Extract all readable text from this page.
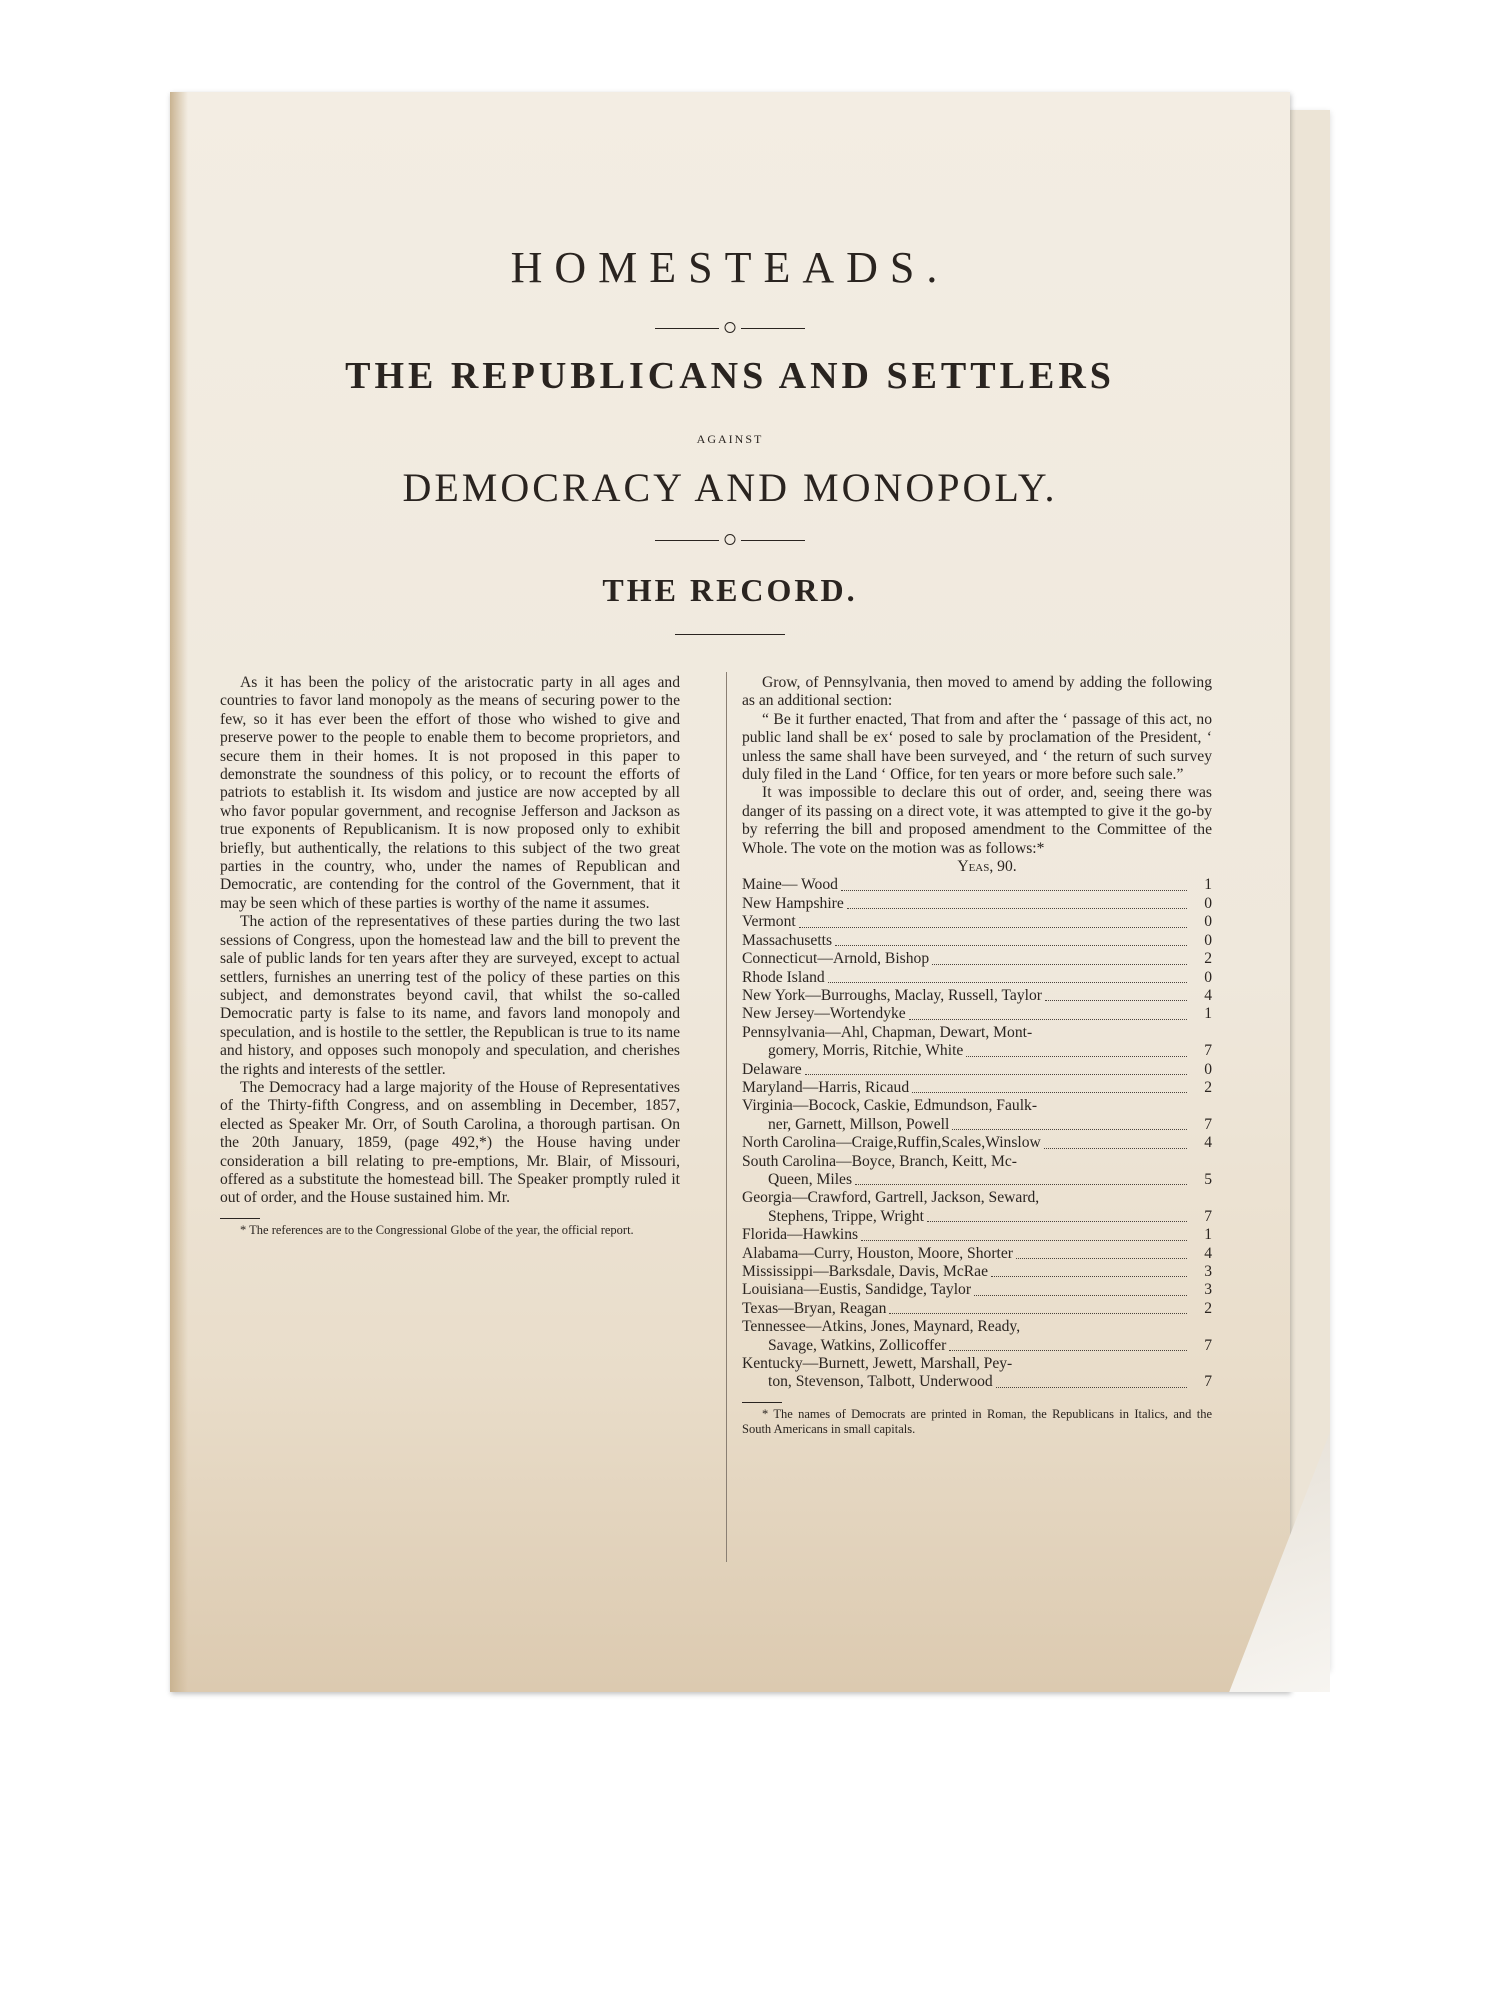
HOMESTEADS.
THE REPUBLICANS AND SETTLERS
AGAINST
DEMOCRACY AND MONOPOLY.
THE RECORD.

As it has been the policy of the aristocratic party in all ages and countries to favor land monopoly as the means of securing power to the few, so it has ever been the effort of those who wished to give and preserve power to the people to enable them to become proprietors, and secure them in their homes. It is not proposed in this paper to demonstrate the soundness of this policy, or to recount the efforts of patriots to establish it. Its wisdom and justice are now accepted by all who favor popular government, and recognise Jefferson and Jackson as true exponents of Republicanism. It is now proposed only to exhibit briefly, but authentically, the relations to this subject of the two great parties in the country, who, under the names of Republican and Democratic, are contending for the control of the Government, that it may be seen which of these parties is worthy of the name it assumes.

The action of the representatives of these parties during the two last sessions of Congress, upon the homestead law and the bill to prevent the sale of public lands for ten years after they are surveyed, except to actual settlers, furnishes an unerring test of the policy of these parties on this subject, and demonstrates beyond cavil, that whilst the so-called Democratic party is false to its name, and favors land monopoly and speculation, and is hostile to the settler, the Republican is true to its name and history, and opposes such monopoly and speculation, and cherishes the rights and interests of the settler.

The Democracy had a large majority of the House of Representatives of the Thirty-fifth Congress, and on assembling in December, 1857, elected as Speaker Mr. Orr, of South Carolina, a thorough partisan. On the 20th January, 1859, (page 492,*) the House having under consideration a bill relating to pre-emptions, Mr. Blair, of Missouri, offered as a substitute the homestead bill. The Speaker promptly ruled it out of order, and the House sustained him. Mr.

* The references are to the Congressional Globe of the year, the official report.

Grow, of Pennsylvania, then moved to amend by adding the following as an additional section:

“ Be it further enacted, That from and after the ‘ passage of this act, no public land shall be ex‘ posed to sale by proclamation of the President, ‘ unless the same shall have been surveyed, and ‘ the return of such survey duly filed in the Land ‘ Office, for ten years or more before such sale.”

It was impossible to declare this out of order, and, seeing there was danger of its passing on a direct vote, it was attempted to give it the go-by by referring the bill and proposed amendment to the Committee of the Whole. The vote on the motion was as follows:*

Yeas, 90.

Maine— Wood	1
New Hampshire	0
Vermont	0
Massachusetts	0
Connecticut—Arnold, Bishop	2
Rhode Island	0
New York—Burroughs, Maclay, Russell, Taylor	4
New Jersey—Wortendyke	1
Pennsylvania—Ahl, Chapman, Dewart, Mont-
gomery, Morris, Ritchie, White	7
Delaware	0
Maryland—Harris, Ricaud	2
Virginia—Bocock, Caskie, Edmundson, Faulk-
ner, Garnett, Millson, Powell	7
North Carolina—Craige,Ruffin,Scales,Winslow	4
South Carolina—Boyce, Branch, Keitt, Mc-
Queen, Miles	5
Georgia—Crawford, Gartrell, Jackson, Seward,
Stephens, Trippe, Wright	7
Florida—Hawkins	1
Alabama—Curry, Houston, Moore, Shorter	4
Mississippi—Barksdale, Davis, McRae	3
Louisiana—Eustis, Sandidge, Taylor	3
Texas—Bryan, Reagan	2
Tennessee—Atkins, Jones, Maynard, Ready,
Savage, Watkins, Zollicoffer	7
Kentucky—Burnett, Jewett, Marshall, Pey-
ton, Stevenson, Talbott, Underwood	7

* The names of Democrats are printed in Roman, the Republicans in Italics, and the South Americans in small capitals.
